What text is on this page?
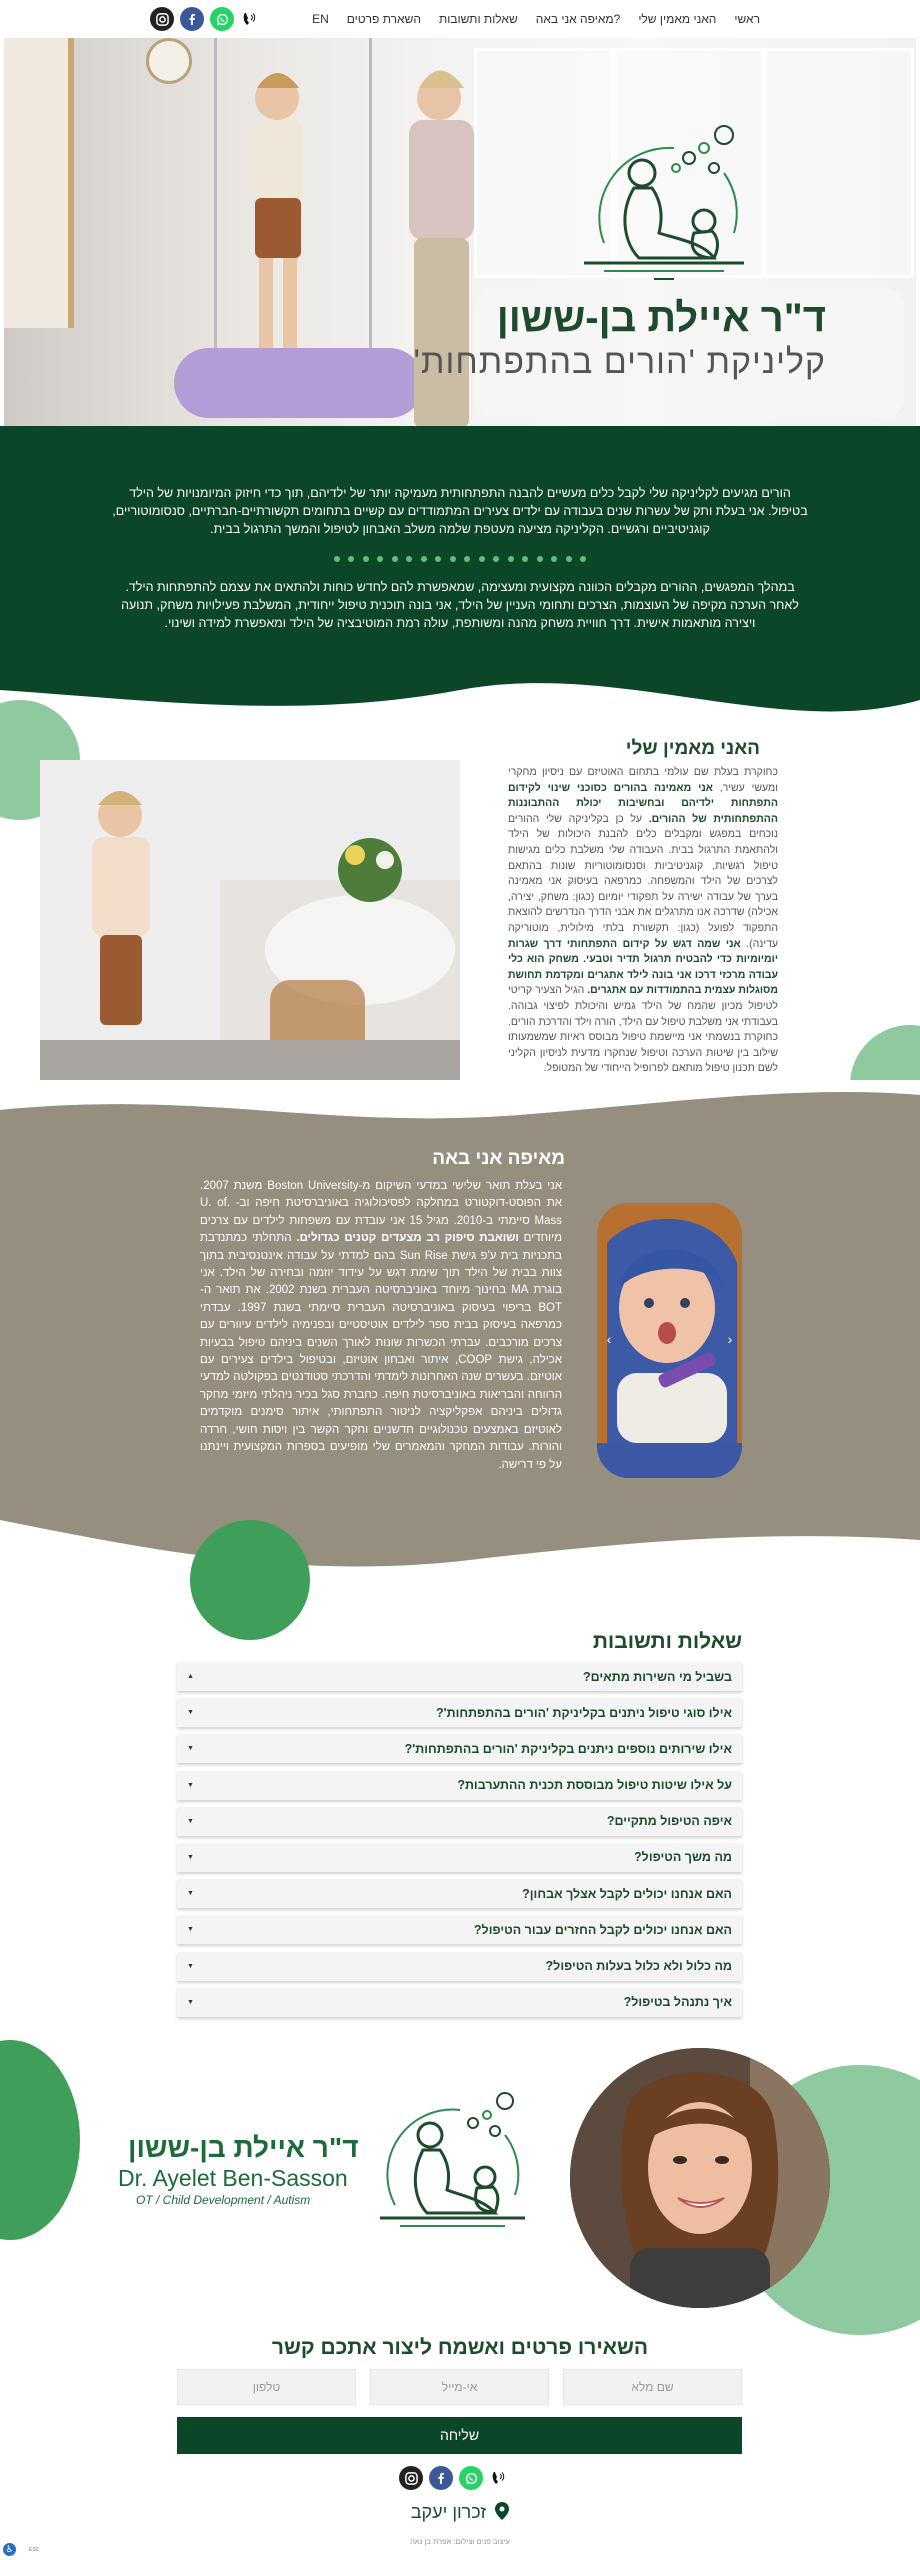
ראשי
האני מאמין שלי
מאיפה אני באה?
שאלות ותשובות
השארת פרטים
EN
ד"ר איילת בן-ששון
קליניקת 'הורים בהתפתחות'

הורים מגיעים לקליניקה שלי לקבל כלים מעשיים להבנה התפתחותית מעמיקה יותר של ילדיהם, תוך כדי חיזוק המיומנויות של הילד בטיפול. אני בעלת ותק של עשרות שנים בעבודה עם ילדים צעירים המתמודדים עם קשיים בתחומים תקשורתיים-חברתיים, סנסומוטוריים, קוגניטיביים ורגשיים. הקליניקה מציעה מעטפת שלמה משלב האבחון לטיפול והמשך התרגול בבית.

במהלך המפגשים, ההורים מקבלים הכוונה מקצועית ומעצימה, שמאפשרת להם לחדש כוחות ולהתאים את עצמם להתפתחות הילד. לאחר הערכה מקיפה של העוצמות, הצרכים ותחומי העניין של הילד, אני בונה תוכנית טיפול ייחודית, המשלבת פעילויות משחק, תנועה ויצירה מותאמות אישית. דרך חוויית משחק מהנה ומשותפת, עולה רמת המוטיבציה של הילד ומאפשרת למידה ושינוי.

האני מאמין שלי
כחוקרת בעלת שם עולמי בתחום האוטיזם עם ניסיון מחקרי ומעשי עשיר, אני מאמינה בהורים כסוכני שינוי לקידום התפתחות ילדיהם ובחשיבות יכולת ההתבוננות ההתפתחותית של ההורים. על כן בקליניקה שלי ההורים נוכחים במפגש ומקבלים כלים להבנת היכולות של הילד ולהתאמת התרגול בבית. העבודה שלי משלבת כלים מגישות טיפול רגשיות, קוגניטיביות וסנסומוטוריות שונות בהתאם לצרכים של הילד והמשפחה. כמרפאה בעיסוק אני מאמינה בערך של עבודה ישירה על תפקודי יומיום (כגון: משחק, יצירה, אכילה) שדרכה אנו מתרגלים את אבני הדרך הנדרשים להוצאת התפקוד לפועל (כגון: תקשורת בלתי מילולית, מוטוריקה עדינה). אני שמה דגש על קידום התפתחותי דרך שגרות יומיומיות כדי להבטיח תרגול תדיר וטבעי. משחק הוא כלי עבודה מרכזי דרכו אני בונה לילד אתגרים ומקדמת תחושת מסוגלות עצמית בהתמודדות עם אתגרים. הגיל הצעיר קריטי לטיפול מכיון שהמח של הילד גמיש והיכולת לפיצוי גבוהה. בעבודתי אני משלבת טיפול עם הילד, הורה וילד והדרכת הורים. כחוקרת בנשמתי אני מיישמת טיפול מבוסס ראיות שמשמעותו שילוב בין שיטות הערכה וטיפול שנחקרו מדעית לניסיון הקליני לשם תכנון טיפול מותאם לפרופיל הייחודי של המטופל.
מאיפה אני באה
אני בעלת תואר שלישי במדעי השיקום מ-Boston University משנת 2007. את הפוסט-דוקטורט במחלקה לפסיכולוגיה באוניברסיטת חיפה וב- .U. of Mass סיימתי ב-2010. מגיל 15 אני עובדת עם משפחות לילדים עם צרכים מיוחדים ושואבת סיפוק רב מצעדים קטנים כגדולים. התחלתי כמתנדבת בתכניות בית ע'פ גישת Sun Rise בהם למדתי על עבודה אינטנסיבית בתוך צוות בבית של הילד תוך שימת דגש על עידוד יוזמה ובחירה של הילד. אני בוגרת MA בחינוך מיוחד באוניברסיטה העברית בשנת 2002. את תואר ה- BOT בריפוי בעיסוק באוניברסיטה העברית סיימתי בשנת 1997. עבדתי כמרפאה בעיסוק בבית ספר לילדים אוטיסטיים ובפנימיה לילדים עיוורים עם צרכים מורכבים. עברתי הכשרות שונות לאורך השנים ביניהם טיפול בבעיות אכילה, גישת COOP, איתור ואבחון אוטיזם, ובטיפול בילדים צעירים עם אוטיזם. בעשרים שנה האחרונות לימדתי והדרכתי סטודנטים בפקולטה למדעי הרווחה והבריאות באוניברסיטת חיפה. כחברת סגל בכיר ניהלתי מיזמי מחקר גדולים ביניהם אפקליקציה לניטור התפתחותי, איתור סימנים מוקדמים לאוטיזם באמצעים טכנולוגיים חדשניים וחקר הקשר בין ויסות חושי, חרדה והורות. עבודות המחקר והמאמרים שלי מופיעים בספרות המקצועית ויינתנו על פי דרישה.
‹	›
שאלות ותשובות
בשביל מי השירות מתאים?
▲
אילו סוגי טיפול ניתנים בקליניקת 'הורים בהתפתחות'?
▼
אילו שירותים נוספים ניתנים בקליניקת 'הורים בהתפתחות'?
▼
על אילו שיטות טיפול מבוססת תכנית ההתערבות?
▼
איפה הטיפול מתקיים?
▼
מה משך הטיפול?
▼
האם אנחנו יכולים לקבל אצלך אבחון?
▼
האם אנחנו יכולים לקבל החזרים עבור הטיפול?
▼
מה כלול ולא כלול בעלות הטיפול?
▼
איך נתנהל בטיפול?
▼
ד"ר איילת בן-ששון
Dr. Ayelet Ben-Sasson
OT / Child Development / Autism
השאירו פרטים ואשמח ליצור אתכם קשר
שם מלא
אי-מייל
טלפון
שליחה
זכרון יעקב
עיצוב פנים וצילום: אפרת בן נאה
♿	ESC
